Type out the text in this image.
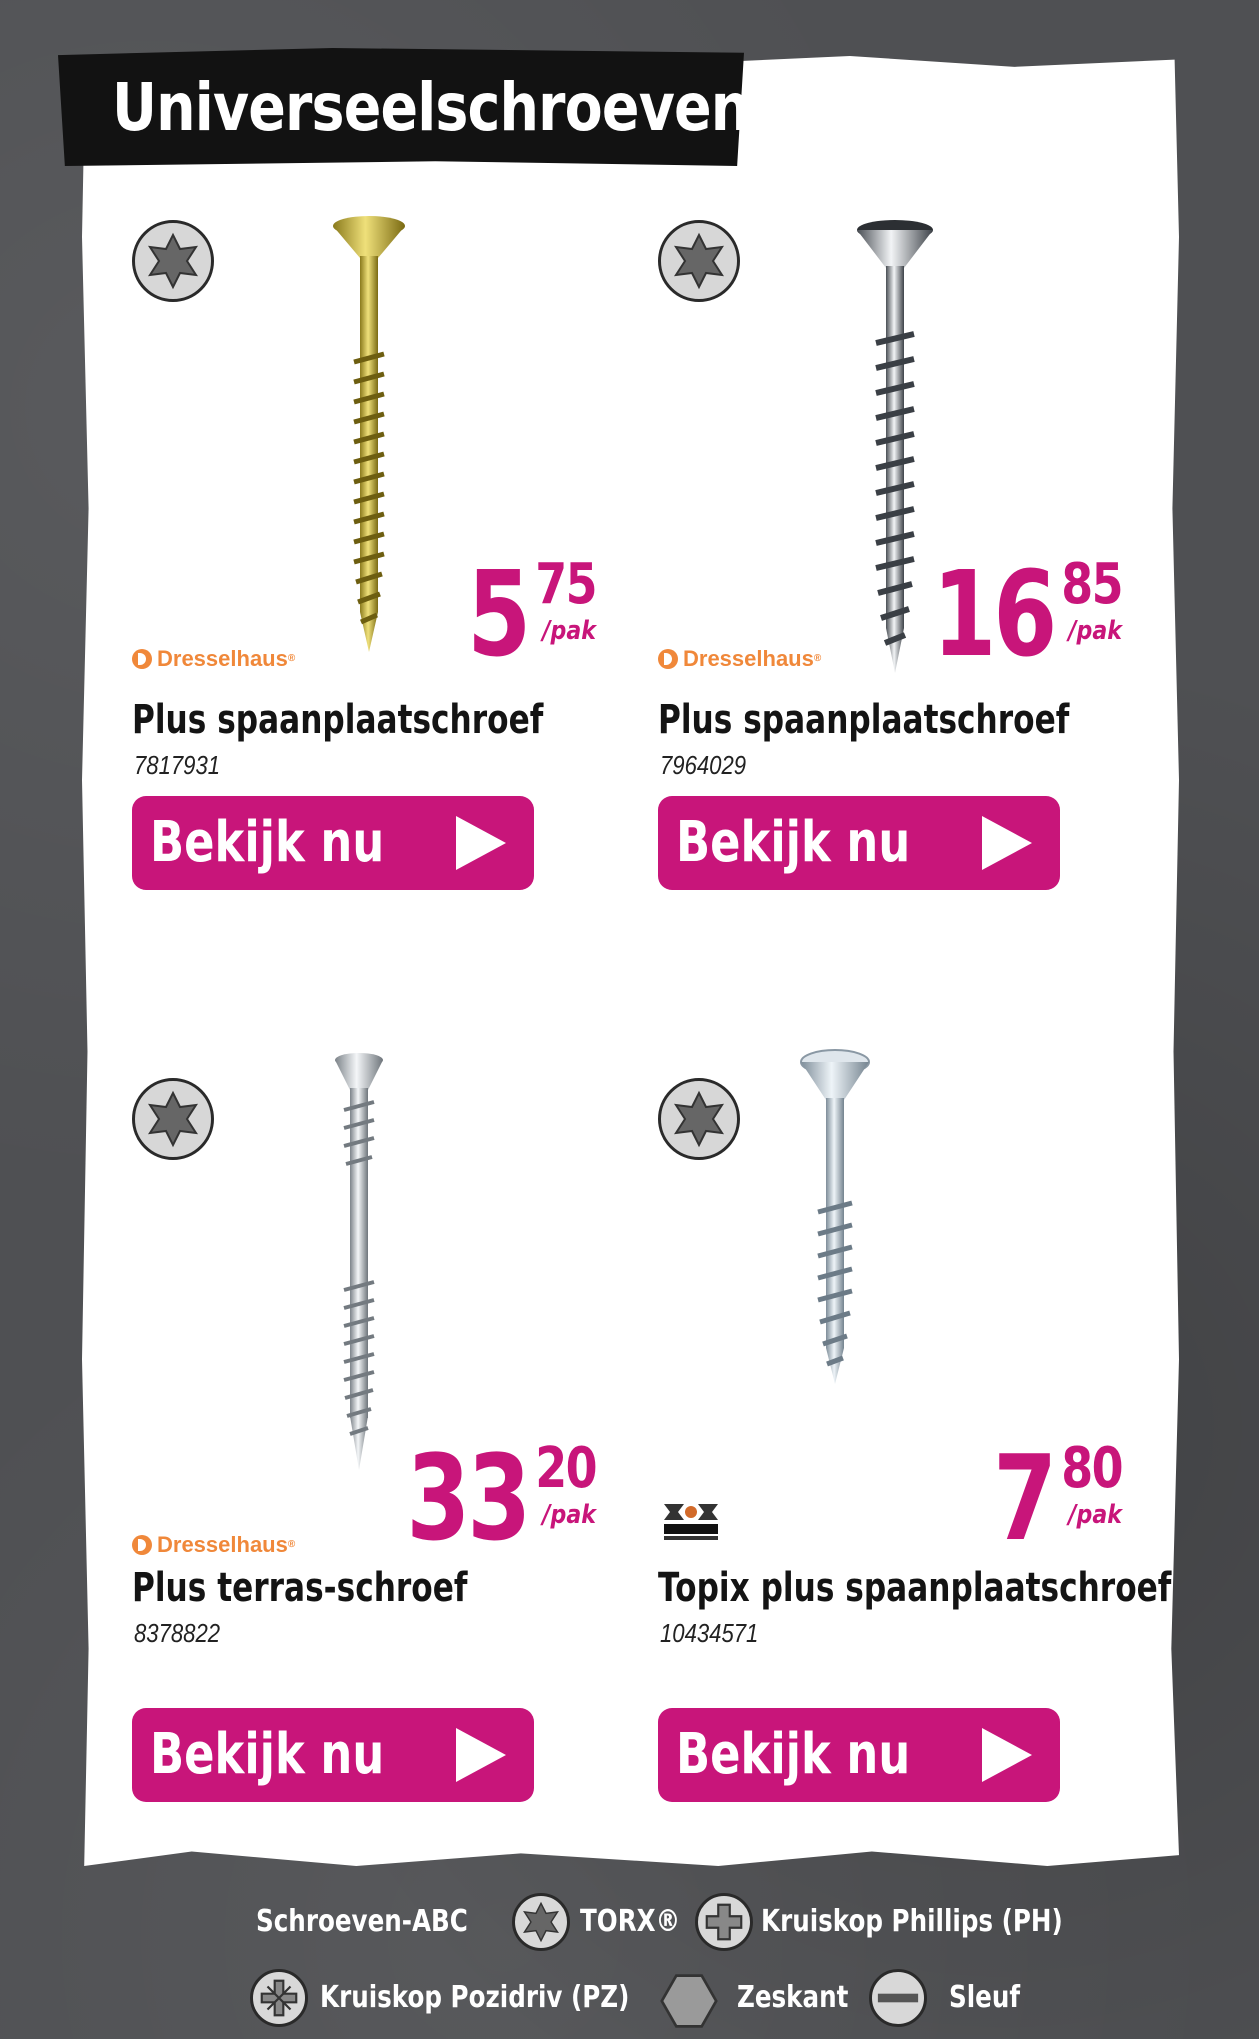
Universeelschroeven
Dresselhaus® 5 75
/pak
Plus spaanplaatschroef
7817931
Bekijk nu
Dresselhaus® 16 85
/pak
Plus spaanplaatschroef
7964029
Bekijk nu
Dresselhaus® 33 20
/pak
Plus terras-schroef
8378822
Bekijk nu
7 80
/pak
Topix plus spaanplaatschroef
10434571
Bekijk nu
Schroeven-ABC	TORX®	Kruiskop Phillips (PH)
Kruiskop Pozidriv (PZ)	Zeskant	Sleuf
